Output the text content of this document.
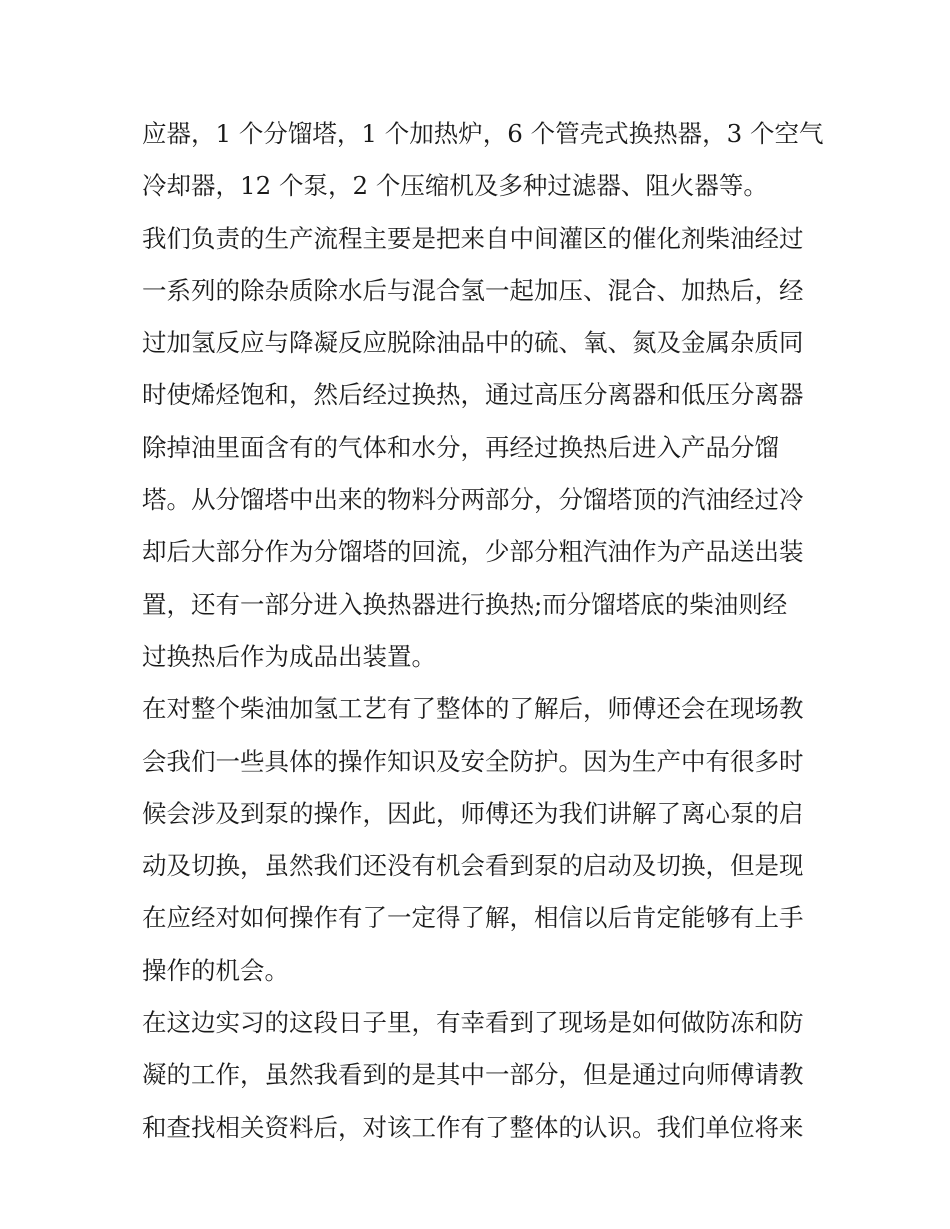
应器，1 个分馏塔，1 个加热炉，6 个管壳式换热器，3 个空气
冷却器，12 个泵，2 个压缩机及多种过滤器、阻火器等。
我们负责的生产流程主要是把来自中间灌区的催化剂柴油经过
一系列的除杂质除水后与混合氢一起加压、混合、加热后，经
过加氢反应与降凝反应脱除油品中的硫、氧、氮及金属杂质同
时使烯烃饱和，然后经过换热，通过高压分离器和低压分离器
除掉油里面含有的气体和水分，再经过换热后进入产品分馏
塔。从分馏塔中出来的物料分两部分，分馏塔顶的汽油经过冷
却后大部分作为分馏塔的回流，少部分粗汽油作为产品送出装
置，还有一部分进入换热器进行换热;而分馏塔底的柴油则经
过换热后作为成品出装置。
在对整个柴油加氢工艺有了整体的了解后，师傅还会在现场教
会我们一些具体的操作知识及安全防护。因为生产中有很多时
候会涉及到泵的操作，因此，师傅还为我们讲解了离心泵的启
动及切换，虽然我们还没有机会看到泵的启动及切换，但是现
在应经对如何操作有了一定得了解，相信以后肯定能够有上手
操作的机会。
在这边实习的这段日子里，有幸看到了现场是如何做防冻和防
凝的工作，虽然我看到的是其中一部分，但是通过向师傅请教
和查找相关资料后，对该工作有了整体的认识。我们单位将来
